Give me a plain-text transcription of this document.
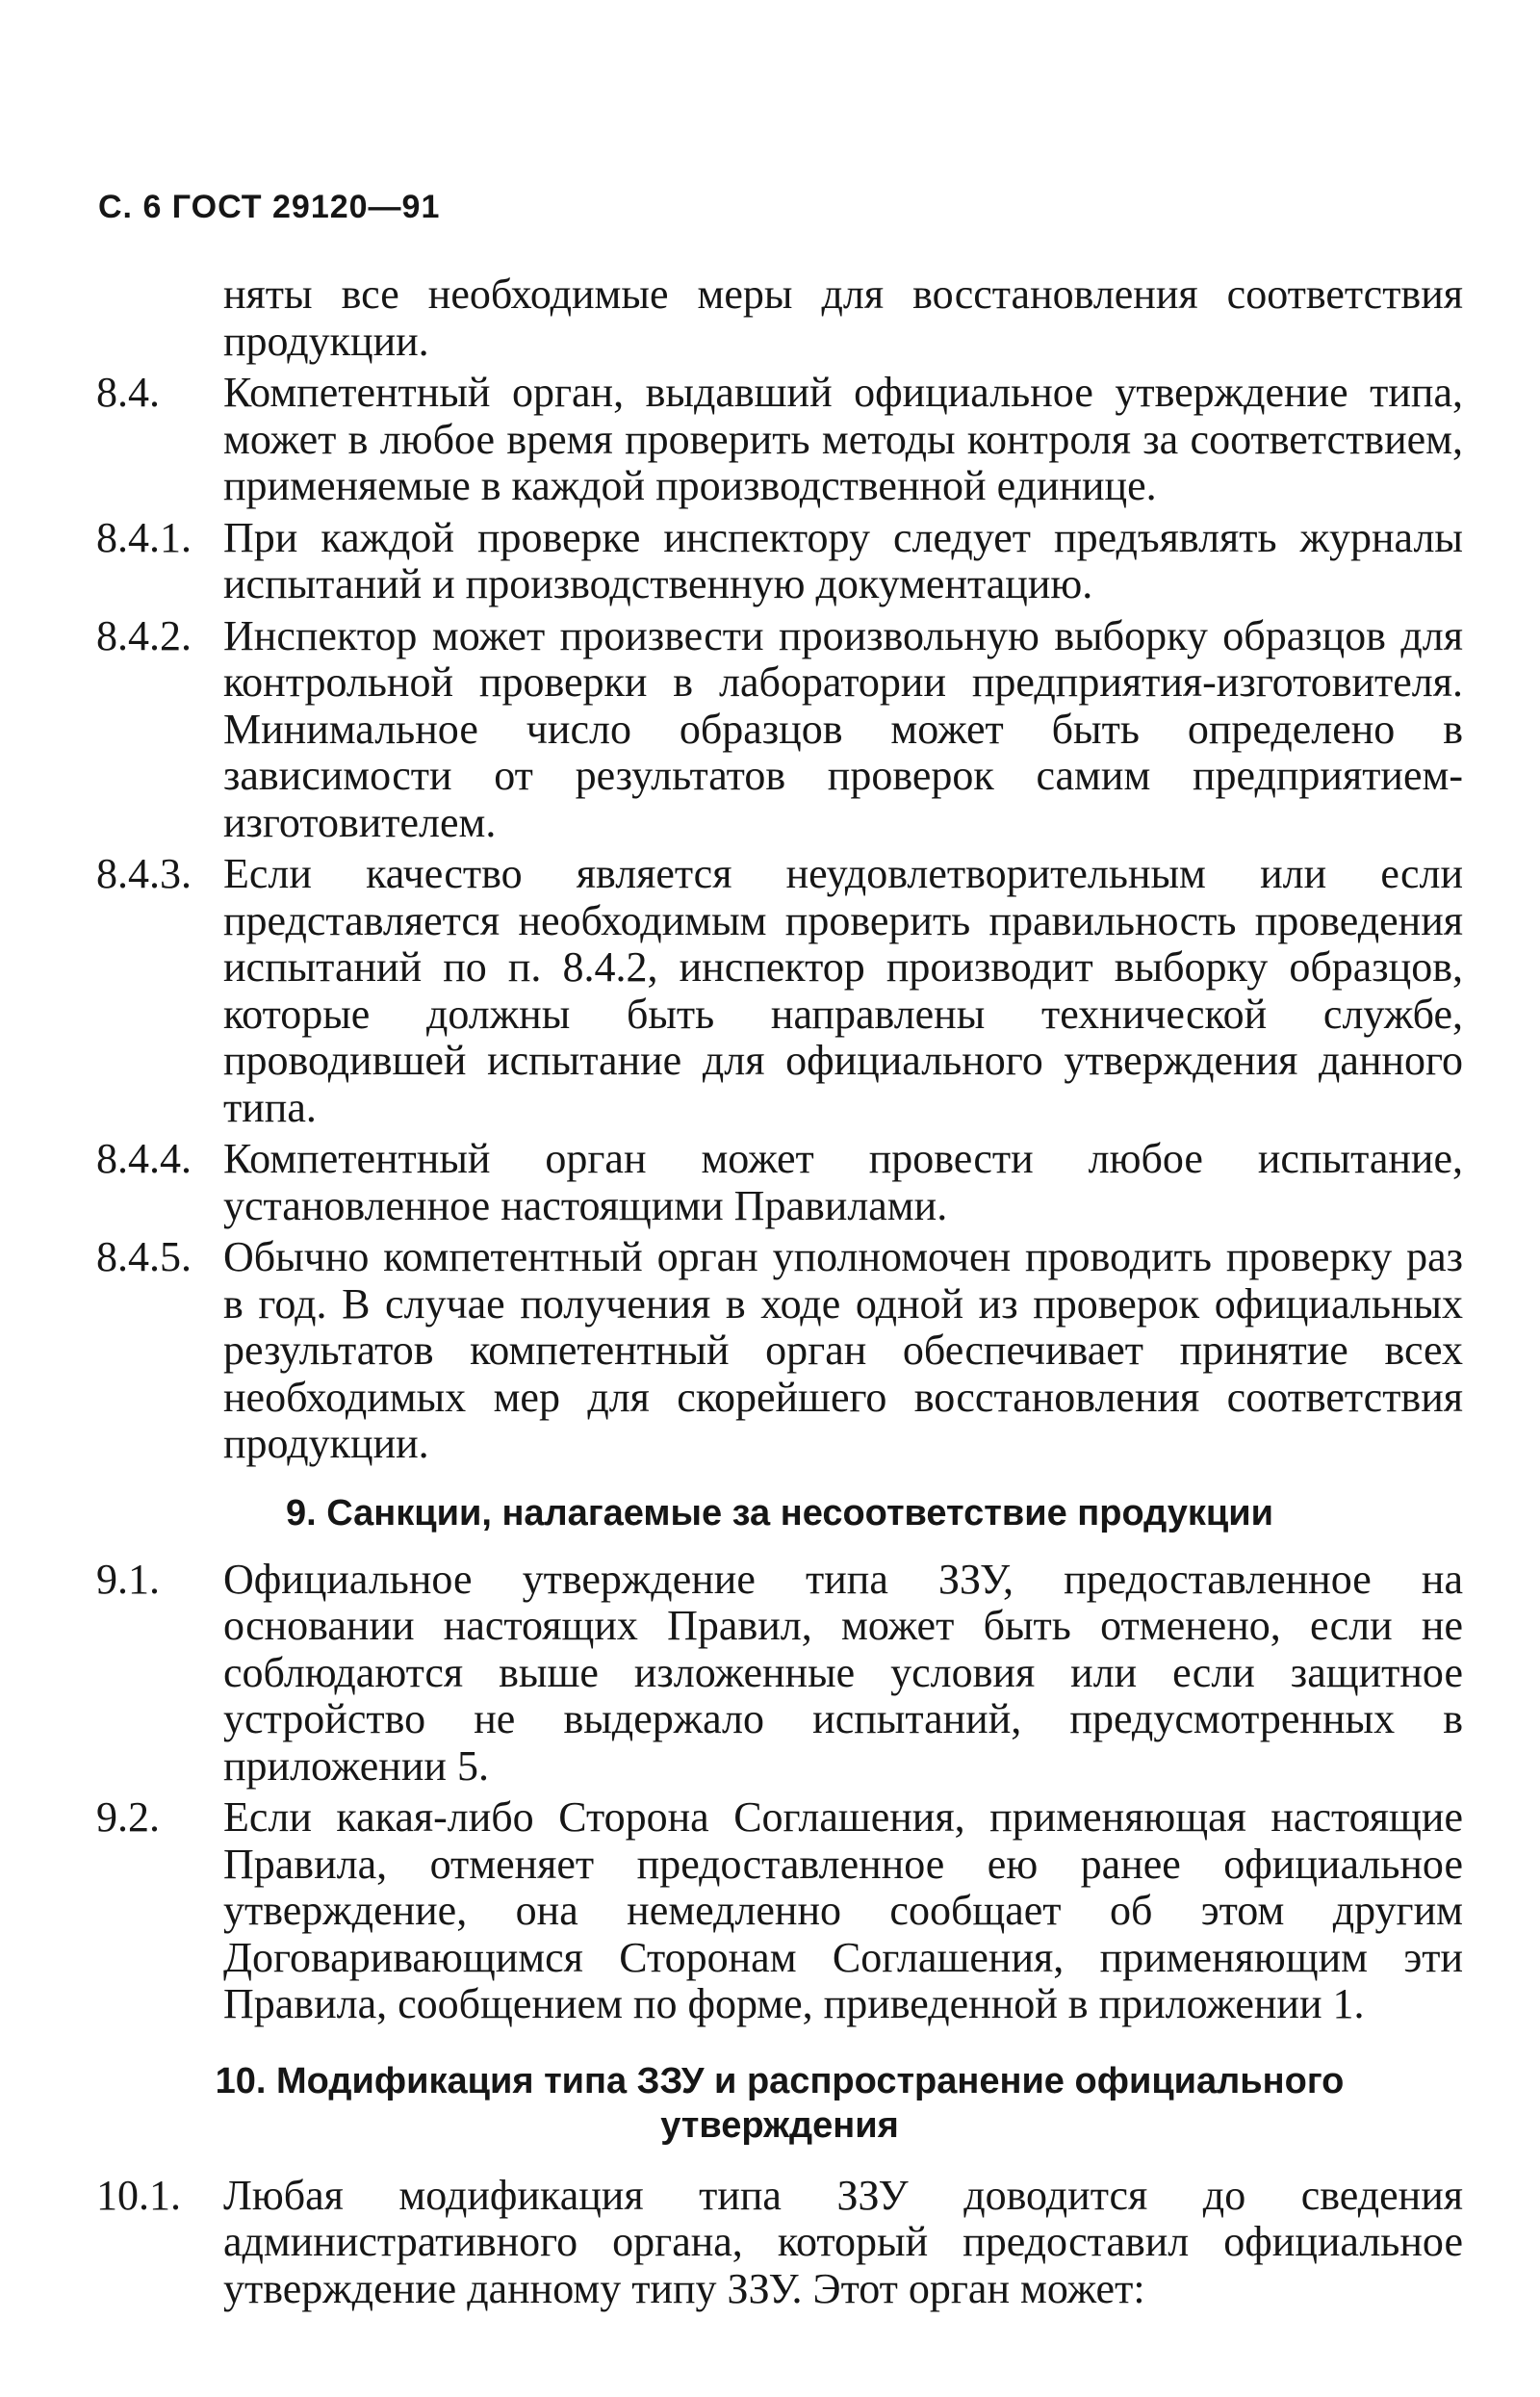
С. 6 ГОСТ 29120—91

няты все необходимые меры для восстановления соответствия продукции.

8.4. Компетентный орган, выдавший официальное утверждение типа, может в любое время проверить методы контроля за соответствием, применяемые в каждой производственной единице.

8.4.1. При каждой проверке инспектору следует предъявлять журналы испытаний и производственную документацию.

8.4.2. Инспектор может произвести произвольную выборку образцов для контрольной проверки в лаборатории предприятия-изготовителя. Минимальное число образцов может быть определено в зависимости от результатов проверок самим предприятием-изготовителем.

8.4.3. Если качество является неудовлетворительным или если представляется необходимым проверить правильность проведения испытаний по п. 8.4.2, инспектор производит выборку образцов, которые должны быть направлены технической службе, проводившей испытание для официального утверждения данного типа.

8.4.4. Компетентный орган может провести любое испытание, установленное настоящими Правилами.

8.4.5. Обычно компетентный орган уполномочен проводить проверку раз в год. В случае получения в ходе одной из проверок официальных результатов компетентный орган обеспечивает принятие всех необходимых мер для скорейшего восстановления соответствия продукции.

9. Санкции, налагаемые за несоответствие продукции

9.1. Официальное утверждение типа ЗЗУ, предоставленное на основании настоящих Правил, может быть отменено, если не соблюдаются выше изложенные условия или если защитное устройство не выдержало испытаний, предусмотренных в приложении 5.

9.2. Если какая-либо Сторона Соглашения, применяющая настоящие Правила, отменяет предоставленное ею ранее официальное утверждение, она немедленно сообщает об этом другим Договаривающимся Сторонам Соглашения, применяющим эти Правила, сообщением по форме, приведенной в приложении 1.

10. Модификация типа ЗЗУ и распространение официального
утверждения

10.1. Любая модификация типа ЗЗУ доводится до сведения административного органа, который предоставил официальное утверждение данному типу ЗЗУ. Этот орган может:
